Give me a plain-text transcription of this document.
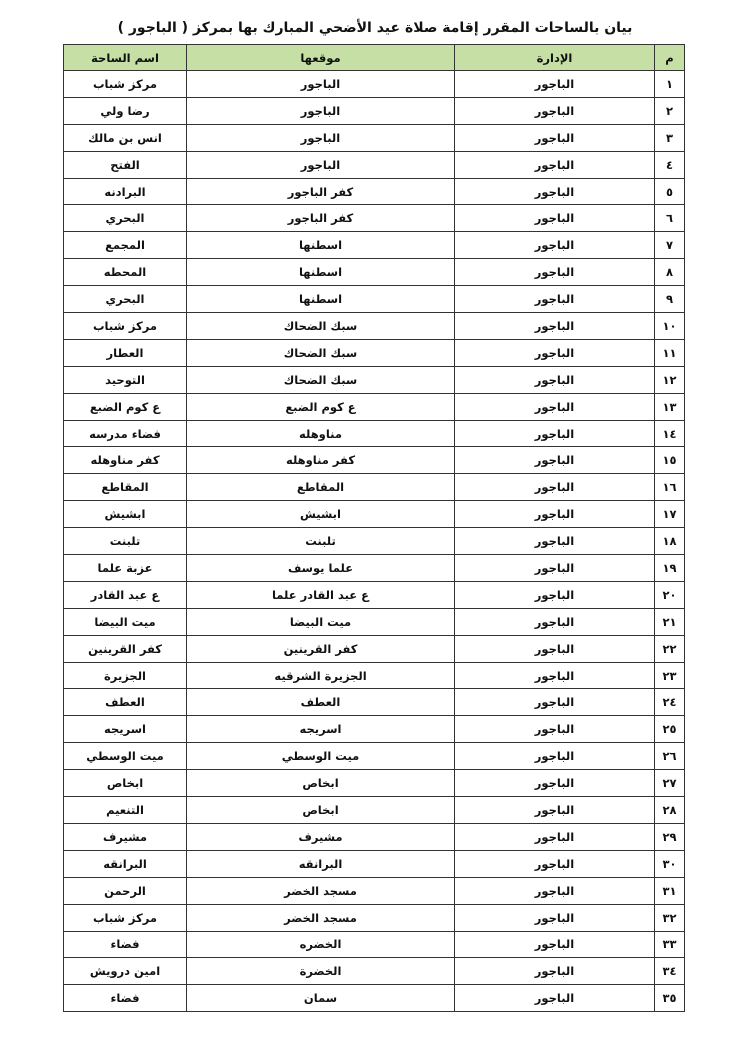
بيان بالساحات المقرر إقامة صلاة عيد الأضحي المبارك بها بمركز ( الباجور )
م	الإدارة	موقعها	اسم الساحة
١	الباجور	الباجور	مركز شباب
٢	الباجور	الباجور	رضا ولي
٣	الباجور	الباجور	انس بن مالك
٤	الباجور	الباجور	الفتح
٥	الباجور	كفر الباجور	البرادنه
٦	الباجور	كفر الباجور	البحري
٧	الباجور	اسطنها	المجمع
٨	الباجور	اسطنها	المحطه
٩	الباجور	اسطنها	البحري
١٠	الباجور	سبك الضحاك	مركز شباب
١١	الباجور	سبك الضحاك	العطار
١٢	الباجور	سبك الضحاك	التوحيد
١٣	الباجور	ع كوم الضبع	ع كوم الضبع
١٤	الباجور	مناوهله	فضاء مدرسه
١٥	الباجور	كفر مناوهله	كفر مناوهله
١٦	الباجور	المقاطع	المقاطع
١٧	الباجور	ابشيش	ابشيش
١٨	الباجور	تلبنت	تلبنت
١٩	الباجور	علما يوسف	عزبة علما
٢٠	الباجور	ع عبد القادر علما	ع عبد القادر
٢١	الباجور	ميت البيضا	ميت البيضا
٢٢	الباجور	كفر القرينين	كفر القرينين
٢٣	الباجور	الجزيرة الشرقيه	الجزيرة
٢٤	الباجور	العطف	العطف
٢٥	الباجور	اسريجه	اسريجه
٢٦	الباجور	ميت الوسطي	ميت الوسطي
٢٧	الباجور	ابخاص	ابخاص
٢٨	الباجور	ابخاص	التنعيم
٢٩	الباجور	مشيرف	مشيرف
٣٠	الباجور	البرانقه	البرانقه
٣١	الباجور	مسجد الخضر	الرحمن
٣٢	الباجور	مسجد الخضر	مركز شباب
٣٣	الباجور	الخضره	فضاء
٣٤	الباجور	الخضرة	امين درويش
٣٥	الباجور	سمان	فضاء
